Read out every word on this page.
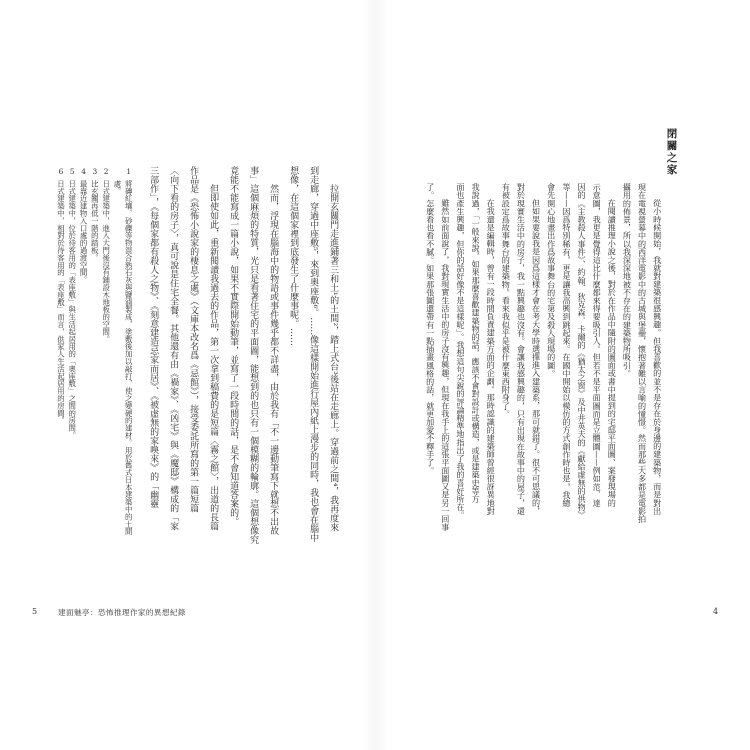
拉開玄關門走進鋪著三和土¹的土間²，踏上式台³後站在走廊上。穿過前之間⁴，我再度來
到走廊，穿過中座敷⁵，來到奧座敷⁶。……像這樣開始進行屋內紙上漫步的同時，我也會在腦中
想像，在這個家裡到底發生了什麼事呢。……
然而，浮現在腦海中的物語或事件幾乎都不詳盡，由於我有「不一邊動筆寫下就想不出故
事」這個麻煩的特質，光只是看著住宅的平面圖，能想到的也只有一個模糊的輪廓。這個想像究
竟能不能寫成一篇小說，如果不實際開始動筆，並寫了一段時間的話，是不會知道答案的。
但即使如此，重新閱讀我過去的作品，第一次拿到稿費的是短篇〈霧之館〉，出道的長篇
作品是《恐怖小說家的棲息之處》（文庫本改名爲《忌館》），接受委託所寫的第一篇短篇
〈向下看的房子〉，真可說是住宅全餐。其他還有由《禍家》、《凶宅》與《魔邸》構成的「家
三部作」，《每個家都有殺人之物》、《刻意建造忌家而居》、《被虛無的家喚來》的「幽靈
1將磚紅壤、砂礫等物混合熟石灰與鹽滷製成，塗敷後加以敲打，使之變硬的建材。用於舊式日本建築中的土間
處。
2日式建築中，進入大門後沒有鋪設木地板的空間。
3比玄關再低一階的踏板。
4最靠近建物入口處的過渡空間。
5日式建築中，位於待客用的「表座敷」與生活起居用的「奧座敷」之間的房間。
6日式建築中，相對於待客用的「表座敷」而言，供家人生活起居用的房間。
5	建面魅亭：恐怖推理作家的異想紀錄
閉關之家
從小時候開始，我就對建築很感興趣。但我喜歡的並不是存在於身邊的建築物，而是對出
現在電視螢幕中的西洋電影中的古城與堡壘，懷抱著難以言喻的憧憬。然而那些大多都是電影拍
攝用的佈景，所以我深深地被不存在的建築物所吸引。
在閱讀推理小說之後，對於在作品中隨附的圖面或書中提到的宅邸平面圖、案發現場的
示意圖，我更是覺得這比什麼都來得要吸引人。但若不是平面圖而是立體圖——例如范．達
因的《主教殺人事件》、約翰．狄克森．卡爾的《猶太之窗》及中井英夫的《獻給虛無的供物》
等——因爲特別稀有，更是讓我高興到跳起來。在國中開始以模仿的方式創作時也是，我總
會先開心地畫出作爲故事舞台的宅第及殺人現場的圖。
但如果要說我是因爲這樣才會在考大學時選擇進入建築系，那可就錯了。很不可思議的，
對於現實生活中的房子，我一點興趣也沒有。會讓我感興趣的，只有出現在故事中的屋子，還
有被設定爲故事舞台的建築物。看來我似乎是被什麼東西附身了。
在我還是編輯時，曾有一段時間負責建築方面的企劃。那時認識的建築師曾經很訝異地對
我說過，「一般來說，如果那麼喜歡建築物的話，應該不會對設計或構造，或是建築史等方
面也產生興趣，但你的話好像不是這樣呢」。我想這句尖銳的評論精準地指出了我的喜好所在。
雖然如前面說了，我對現實生活中的房子沒有興趣，但現在我手上的這張平面圖又是另一回事
了。怎麼看也看不膩。如果那張圖還帶有一點插畫風格的話，就更加愛不釋手了。
4
